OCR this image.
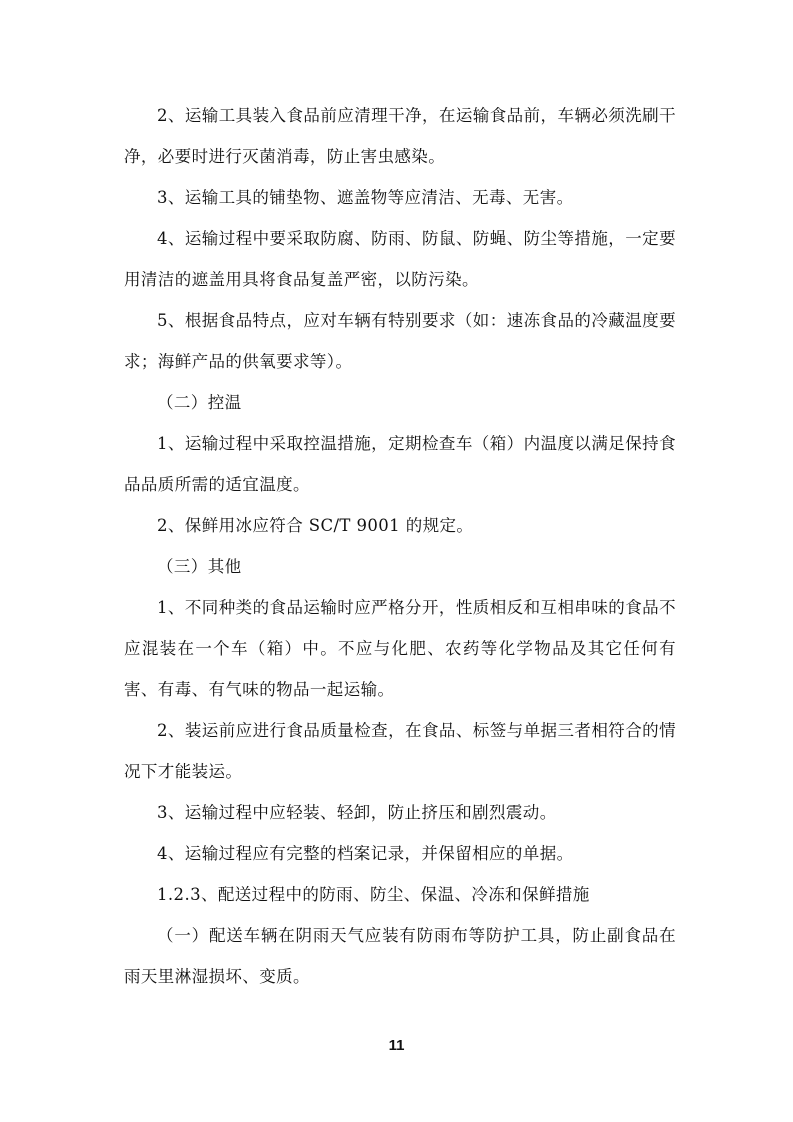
2、运输工具装入食品前应清理干净，在运输食品前，车辆必须洗刷干净，必要时进行灭菌消毒，防止害虫感染。

3、运输工具的铺垫物、遮盖物等应清洁、无毒、无害。

4、运输过程中要采取防腐、防雨、防鼠、防蝇、防尘等措施，一定要用清洁的遮盖用具将食品复盖严密，以防污染。

5、根据食品特点，应对车辆有特别要求（如：速冻食品的冷藏温度要求；海鲜产品的供氧要求等）。

（二）控温

1、运输过程中采取控温措施，定期检查车（箱）内温度以满足保持食品品质所需的适宜温度。

2、保鲜用冰应符合 SC/T 9001 的规定。

（三）其他

1、不同种类的食品运输时应严格分开，性质相反和互相串味的食品不应混装在一个车（箱）中。不应与化肥、农药等化学物品及其它任何有害、有毒、有气味的物品一起运输。

2、装运前应进行食品质量检查，在食品、标签与单据三者相符合的情况下才能装运。

3、运输过程中应轻装、轻卸，防止挤压和剧烈震动。

4、运输过程应有完整的档案记录，并保留相应的单据。

1.2.3、配送过程中的防雨、防尘、保温、冷冻和保鲜措施

（一）配送车辆在阴雨天气应装有防雨布等防护工具，防止副食品在雨天里淋湿损坏、变质。

11
